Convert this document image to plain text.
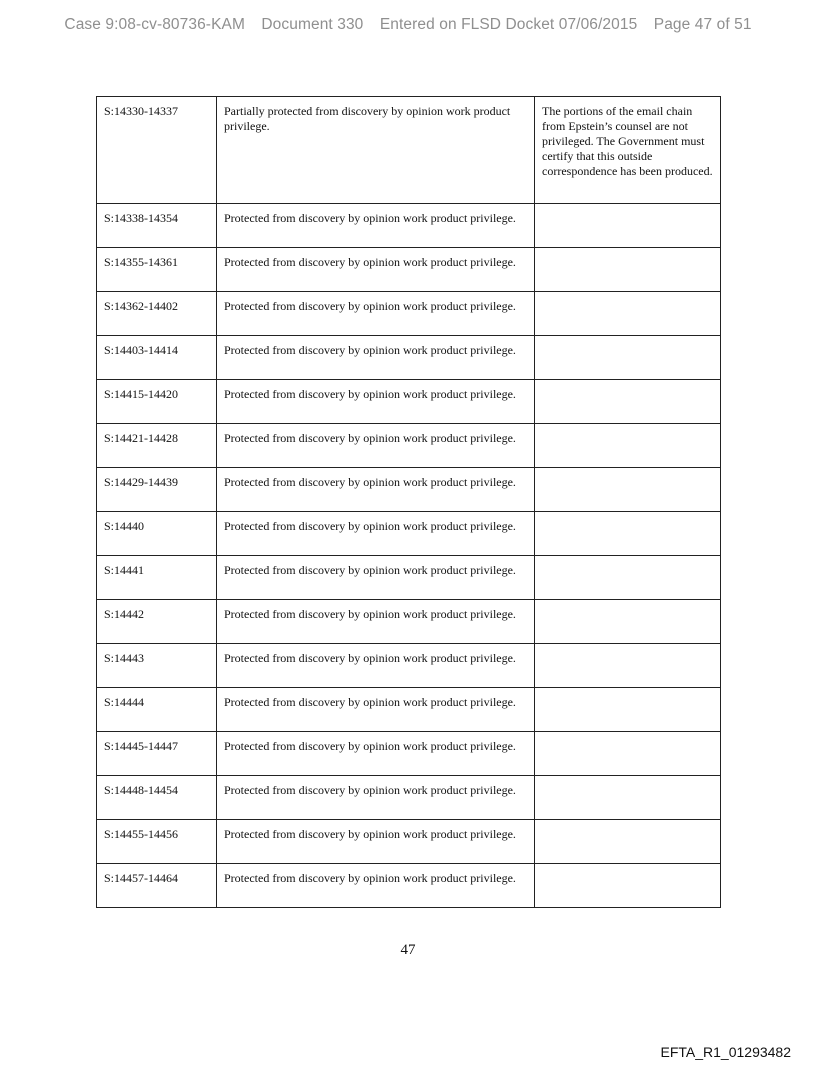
Case 9:08-cv-80736-KAM Document 330 Entered on FLSD Docket 07/06/2015 Page 47 of 51
S:14330-14337	Partially protected from discovery by opinion work product privilege.	The portions of the email chain from Epstein’s counsel are not privileged. The Government must certify that this outside correspondence has been produced.
S:14338-14354	Protected from discovery by opinion work product privilege.	
S:14355-14361	Protected from discovery by opinion work product privilege.	
S:14362-14402	Protected from discovery by opinion work product privilege.	
S:14403-14414	Protected from discovery by opinion work product privilege.	
S:14415-14420	Protected from discovery by opinion work product privilege.	
S:14421-14428	Protected from discovery by opinion work product privilege.	
S:14429-14439	Protected from discovery by opinion work product privilege.	
S:14440	Protected from discovery by opinion work product privilege.	
S:14441	Protected from discovery by opinion work product privilege.	
S:14442	Protected from discovery by opinion work product privilege.	
S:14443	Protected from discovery by opinion work product privilege.	
S:14444	Protected from discovery by opinion work product privilege.	
S:14445-14447	Protected from discovery by opinion work product privilege.	
S:14448-14454	Protected from discovery by opinion work product privilege.	
S:14455-14456	Protected from discovery by opinion work product privilege.	
S:14457-14464	Protected from discovery by opinion work product privilege.	
47
EFTA_R1_01293482
